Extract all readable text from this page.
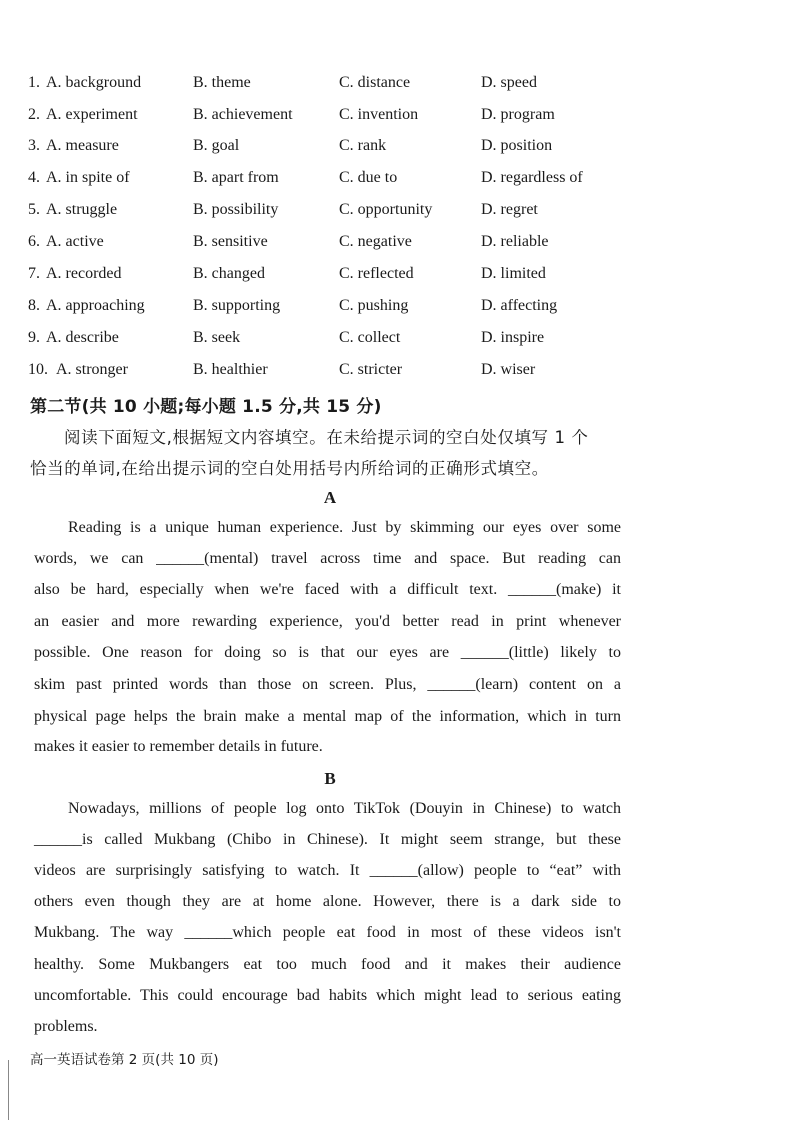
1. A. background	B. theme	C. distance	D. speed
2. A. experiment	B. achievement	C. invention	D. program
3. A. measure	B. goal	C. rank	D. position
4. A. in spite of	B. apart from	C. due to	D. regardless of
5. A. struggle	B. possibility	C. opportunity	D. regret
6. A. active	B. sensitive	C. negative	D. reliable
7. A. recorded	B. changed	C. reflected	D. limited
8. A. approaching	B. supporting	C. pushing	D. affecting
9. A. describe	B. seek	C. collect	D. inspire
10. A. stronger	B. healthier	C. stricter	D. wiser
第二节(共 10 小题;每小题 1.5 分,共 15 分)
阅读下面短文,根据短文内容填空。在未给提示词的空白处仅填写 1 个
恰当的单词,在给出提示词的空白处用括号内所给词的正确形式填空。
A
Reading is a unique human experience. Just by skimming our eyes over some
words, we can ______(mental) travel across time and space. But reading can
also be hard, especially when we're faced with a difficult text. ______(make) it
an easier and more rewarding experience, you'd better read in print whenever
possible. One reason for doing so is that our eyes are ______(little) likely to
skim past printed words than those on screen. Plus, ______(learn) content on a
physical page helps the brain make a mental map of the information, which in turn
makes it easier to remember details in future.
B
Nowadays, millions of people log onto TikTok (Douyin in Chinese) to watch
______is called Mukbang (Chibo in Chinese). It might seem strange, but these
videos are surprisingly satisfying to watch. It ______(allow) people to “eat” with
others even though they are at home alone. However, there is a dark side to
Mukbang. The way ______which people eat food in most of these videos isn't
healthy. Some Mukbangers eat too much food and it makes their audience
uncomfortable. This could encourage bad habits which might lead to serious eating
problems.
高一英语试卷第 2 页(共 10 页)
